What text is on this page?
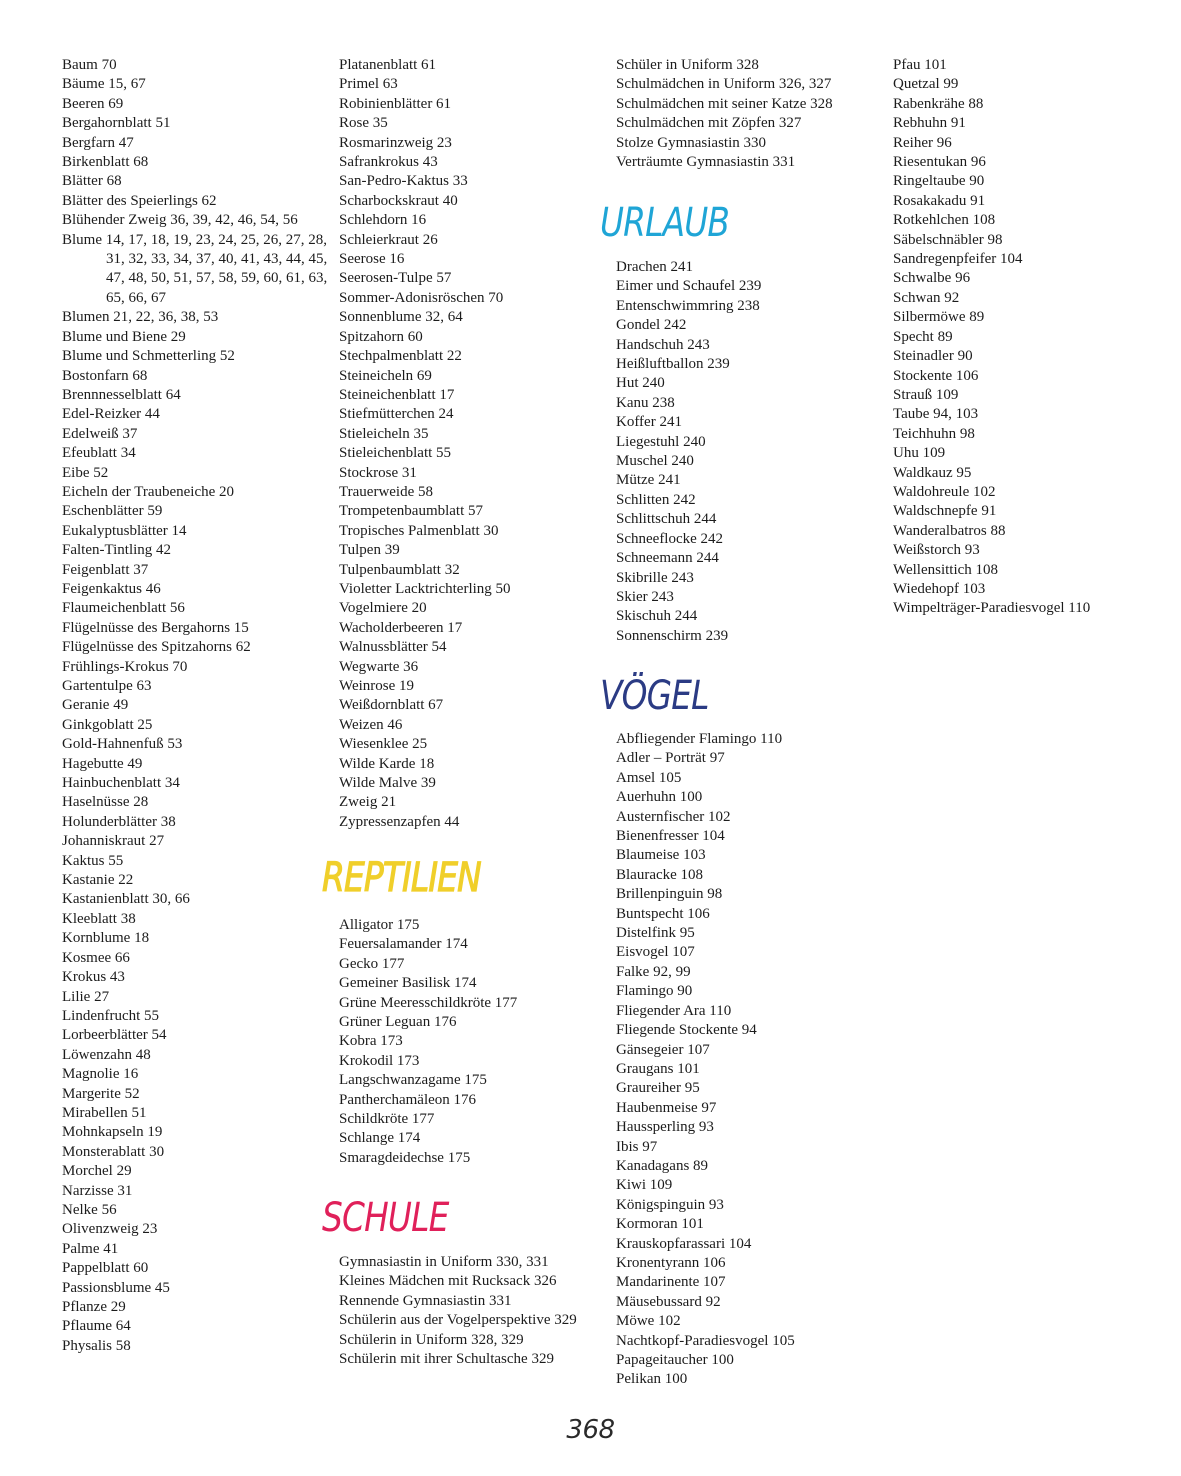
Baum 70

Bäume 15, 67

Beeren 69

Bergahornblatt 51

Bergfarn 47

Birkenblatt 68

Blätter 68

Blätter des Speierlings 62

Blühender Zweig 36, 39, 42, 46, 54, 56

Blume 14, 17, 18, 19, 23, 24, 25, 26, 27, 28, 31, 32, 33, 34, 37, 40, 41, 43, 44, 45, 47, 48, 50, 51, 57, 58, 59, 60, 61, 63, 65, 66, 67

Blumen 21, 22, 36, 38, 53

Blume und Biene 29

Blume und Schmetterling 52

Bostonfarn 68

Brennnesselblatt 64

Edel-Reizker 44

Edelweiß 37

Efeublatt 34

Eibe 52

Eicheln der Traubeneiche 20

Eschenblätter 59

Eukalyptusblätter 14

Falten-Tintling 42

Feigenblatt 37

Feigenkaktus 46

Flaumeichenblatt 56

Flügelnüsse des Bergahorns 15

Flügelnüsse des Spitzahorns 62

Frühlings-Krokus 70

Gartentulpe 63

Geranie 49

Ginkgoblatt 25

Gold-Hahnenfuß 53

Hagebutte 49

Hainbuchenblatt 34

Haselnüsse 28

Holunderblätter 38

Johanniskraut 27

Kaktus 55

Kastanie 22

Kastanienblatt 30, 66

Kleeblatt 38

Kornblume 18

Kosmee 66

Krokus 43

Lilie 27

Lindenfrucht 55

Lorbeerblätter 54

Löwenzahn 48

Magnolie 16

Margerite 52

Mirabellen 51

Mohnkapseln 19

Monsterablatt 30

Morchel 29

Narzisse 31

Nelke 56

Olivenzweig 23

Palme 41

Pappelblatt 60

Passionsblume 45

Pflanze 29

Pflaume 64

Physalis 58

Platanenblatt 61

Primel 63

Robinienblätter 61

Rose 35

Rosmarinzweig 23

Safrankrokus 43

San-Pedro-Kaktus 33

Scharbockskraut 40

Schlehdorn 16

Schleierkraut 26

Seerose 16

Seerosen-Tulpe 57

Sommer-Adonisröschen 70

Sonnenblume 32, 64

Spitzahorn 60

Stechpalmenblatt 22

Steineicheln 69

Steineichenblatt 17

Stiefmütterchen 24

Stieleicheln 35

Stieleichenblatt 55

Stockrose 31

Trauerweide 58

Trompetenbaumblatt 57

Tropisches Palmenblatt 30

Tulpen 39

Tulpenbaumblatt 32

Violetter Lacktrichterling 50

Vogelmiere 20

Wacholderbeeren 17

Walnussblätter 54

Wegwarte 36

Weinrose 19

Weißdornblatt 67

Weizen 46

Wiesenklee 25

Wilde Karde 18

Wilde Malve 39

Zweig 21

Zypressenzapfen 44

REPTILIEN

Alligator 175

Feuersalamander 174

Gecko 177

Gemeiner Basilisk 174

Grüne Meeresschildkröte 177

Grüner Leguan 176

Kobra 173

Krokodil 173

Langschwanzagame 175

Pantherchamäleon 176

Schildkröte 177

Schlange 174

Smaragdeidechse 175

SCHULE

Gymnasiastin in Uniform 330, 331

Kleines Mädchen mit Rucksack 326

Rennende Gymnasiastin 331

Schülerin aus der Vogelperspektive 329

Schülerin in Uniform 328, 329

Schülerin mit ihrer Schultasche 329

Schüler in Uniform 328

Schulmädchen in Uniform 326, 327

Schulmädchen mit seiner Katze 328

Schulmädchen mit Zöpfen 327

Stolze Gymnasiastin 330

Verträumte Gymnasiastin 331

URLAUB

Drachen 241

Eimer und Schaufel 239

Entenschwimmring 238

Gondel 242

Handschuh 243

Heißluftballon 239

Hut 240

Kanu 238

Koffer 241

Liegestuhl 240

Muschel 240

Mütze 241

Schlitten 242

Schlittschuh 244

Schneeflocke 242

Schneemann 244

Skibrille 243

Skier 243

Skischuh 244

Sonnenschirm 239

VÖGEL

Abfliegender Flamingo 110

Adler – Porträt 97

Amsel 105

Auerhuhn 100

Austernfischer 102

Bienenfresser 104

Blaumeise 103

Blauracke 108

Brillenpinguin 98

Buntspecht 106

Distelfink 95

Eisvogel 107

Falke 92, 99

Flamingo 90

Fliegender Ara 110

Fliegende Stockente 94

Gänsegeier 107

Graugans 101

Graureiher 95

Haubenmeise 97

Haussperling 93

Ibis 97

Kanadagans 89

Kiwi 109

Königspinguin 93

Kormoran 101

Krauskopfarassari 104

Kronentyrann 106

Mandarinente 107

Mäusebussard 92

Möwe 102

Nachtkopf-Paradiesvogel 105

Papageitaucher 100

Pelikan 100

Pfau 101

Quetzal 99

Rabenkrähe 88

Rebhuhn 91

Reiher 96

Riesentukan 96

Ringeltaube 90

Rosakakadu 91

Rotkehlchen 108

Säbelschnäbler 98

Sandregenpfeifer 104

Schwalbe 96

Schwan 92

Silbermöwe 89

Specht 89

Steinadler 90

Stockente 106

Strauß 109

Taube 94, 103

Teichhuhn 98

Uhu 109

Waldkauz 95

Waldohreule 102

Waldschnepfe 91

Wanderalbatros 88

Weißstorch 93

Wellensittich 108

Wiedehopf 103

Wimpelträger-Paradiesvogel 110

368
